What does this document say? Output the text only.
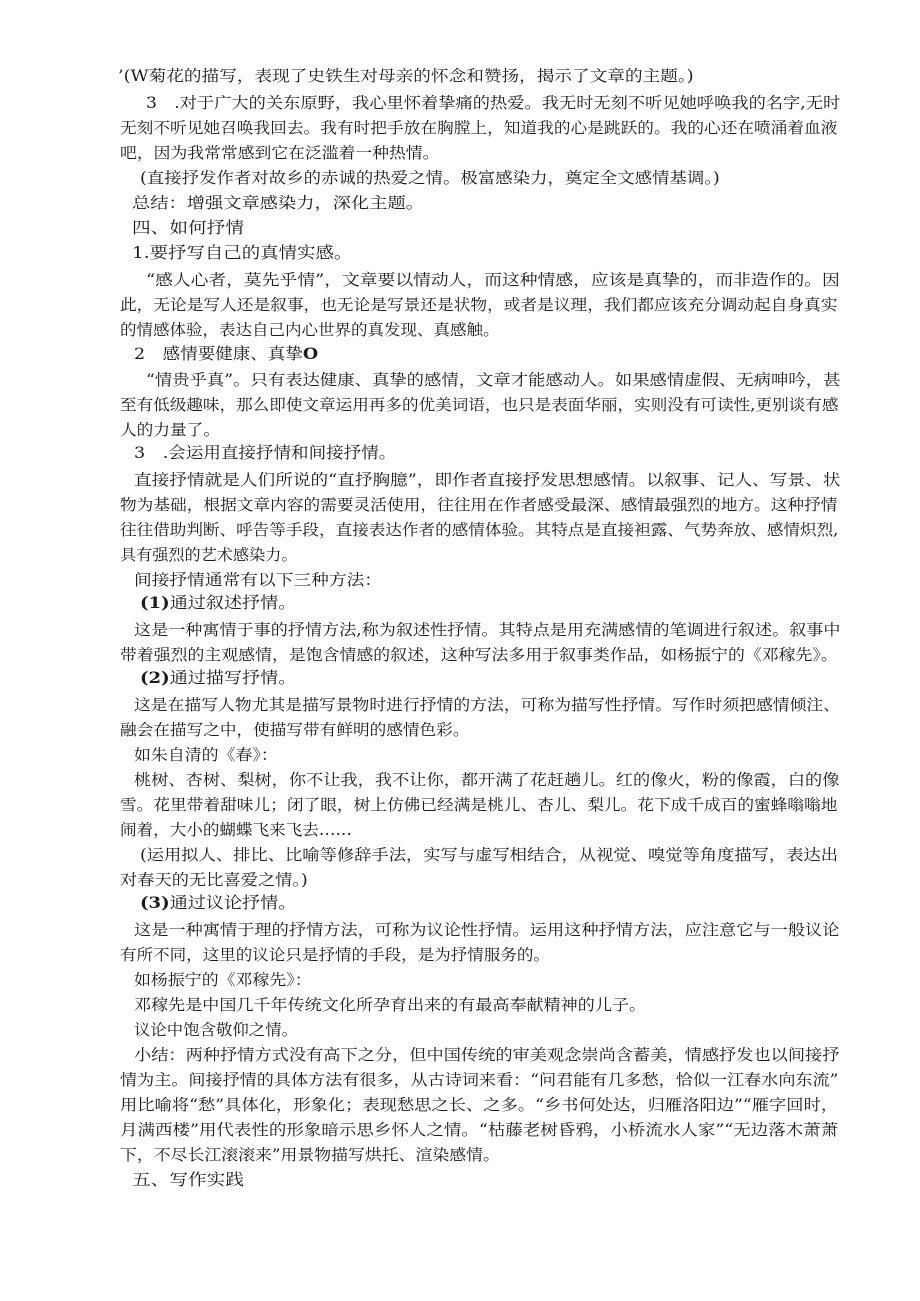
’(W菊花的描写，表现了史铁生对母亲的怀念和赞扬，揭示了文章的主题。)
3　.对于广大的关东原野，我心里怀着挚痛的热爱。我无时无刻不听见她呼唤我的名字,无时
无刻不听见她召唤我回去。我有时把手放在胸膛上，知道我的心是跳跃的。我的心还在喷涌着血液
吧，因为我常常感到它在泛滥着一种热情。
(直接抒发作者对故乡的赤诚的热爱之情。极富感染力，奠定全文感情基调。)
总结：增强文章感染力，深化主题。
四、如何抒情
1.要抒写自己的真情实感。
“感人心者，莫先乎情”，文章要以情动人，而这种情感，应该是真挚的，而非造作的。因
此，无论是写人还是叙事，也无论是写景还是状物，或者是议理，我们都应该充分调动起自身真实
的情感体验，表达自己内心世界的真发现、真感触。
2　感情要健康、真挚O
“情贵乎真”。只有表达健康、真挚的感情，文章才能感动人。如果感情虚假、无病呻吟，甚
至有低级趣味，那么即使文章运用再多的优美词语，也只是表面华丽，实则没有可读性,更别谈有感
人的力量了。
3　.会运用直接抒情和间接抒情。
直接抒情就是人们所说的“直抒胸臆”，即作者直接抒发思想感情。以叙事、记人、写景、状
物为基础，根据文章内容的需要灵活使用，往往用在作者感受最深、感情最强烈的地方。这种抒情
往往借助判断、呼告等手段，直接表达作者的感情体验。其特点是直接袒露、气势奔放、感情炽烈,
具有强烈的艺术感染力。
间接抒情通常有以下三种方法：
(1)通过叙述抒情。
这是一种寓情于事的抒情方法,称为叙述性抒情。其特点是用充满感情的笔调进行叙述。叙事中
带着强烈的主观感情，是饱含情感的叙述，这种写法多用于叙事类作品，如杨振宁的《邓稼先》。
(2)通过描写抒情。
这是在描写人物尤其是描写景物时进行抒情的方法，可称为描写性抒情。写作时须把感情倾注、
融会在描写之中，使描写带有鲜明的感情色彩。
如朱自清的《春》：
桃树、杏树、梨树，你不让我，我不让你，都开满了花赶趟儿。红的像火，粉的像霞，白的像
雪。花里带着甜味儿；闭了眼，树上仿佛已经满是桃儿、杏儿、梨儿。花下成千成百的蜜蜂嗡嗡地
闹着，大小的蝴蝶飞来飞去……
(运用拟人、排比、比喻等修辞手法，实写与虚写相结合，从视觉、嗅觉等角度描写，表达出
对春天的无比喜爱之情。)
(3)通过议论抒情。
这是一种寓情于理的抒情方法，可称为议论性抒情。运用这种抒情方法，应注意它与一般议论
有所不同，这里的议论只是抒情的手段，是为抒情服务的。
如杨振宁的《邓稼先》：
邓稼先是中国几千年传统文化所孕育出来的有最高奉献精神的儿子。
议论中饱含敬仰之情。
小结：两种抒情方式没有高下之分，但中国传统的审美观念崇尚含蓄美，情感抒发也以间接抒
情为主。间接抒情的具体方法有很多，从古诗词来看：“问君能有几多愁，恰似一江春水向东流”
用比喻将“愁”具体化，形象化；表现愁思之长、之多。“乡书何处达，归雁洛阳边”“雁字回时，
月满西楼”用代表性的形象暗示思乡怀人之情。“枯藤老树昏鸦，小桥流水人家”“无边落木萧萧
下，不尽长江滚滚来”用景物描写烘托、渲染感情。
五、写作实践
